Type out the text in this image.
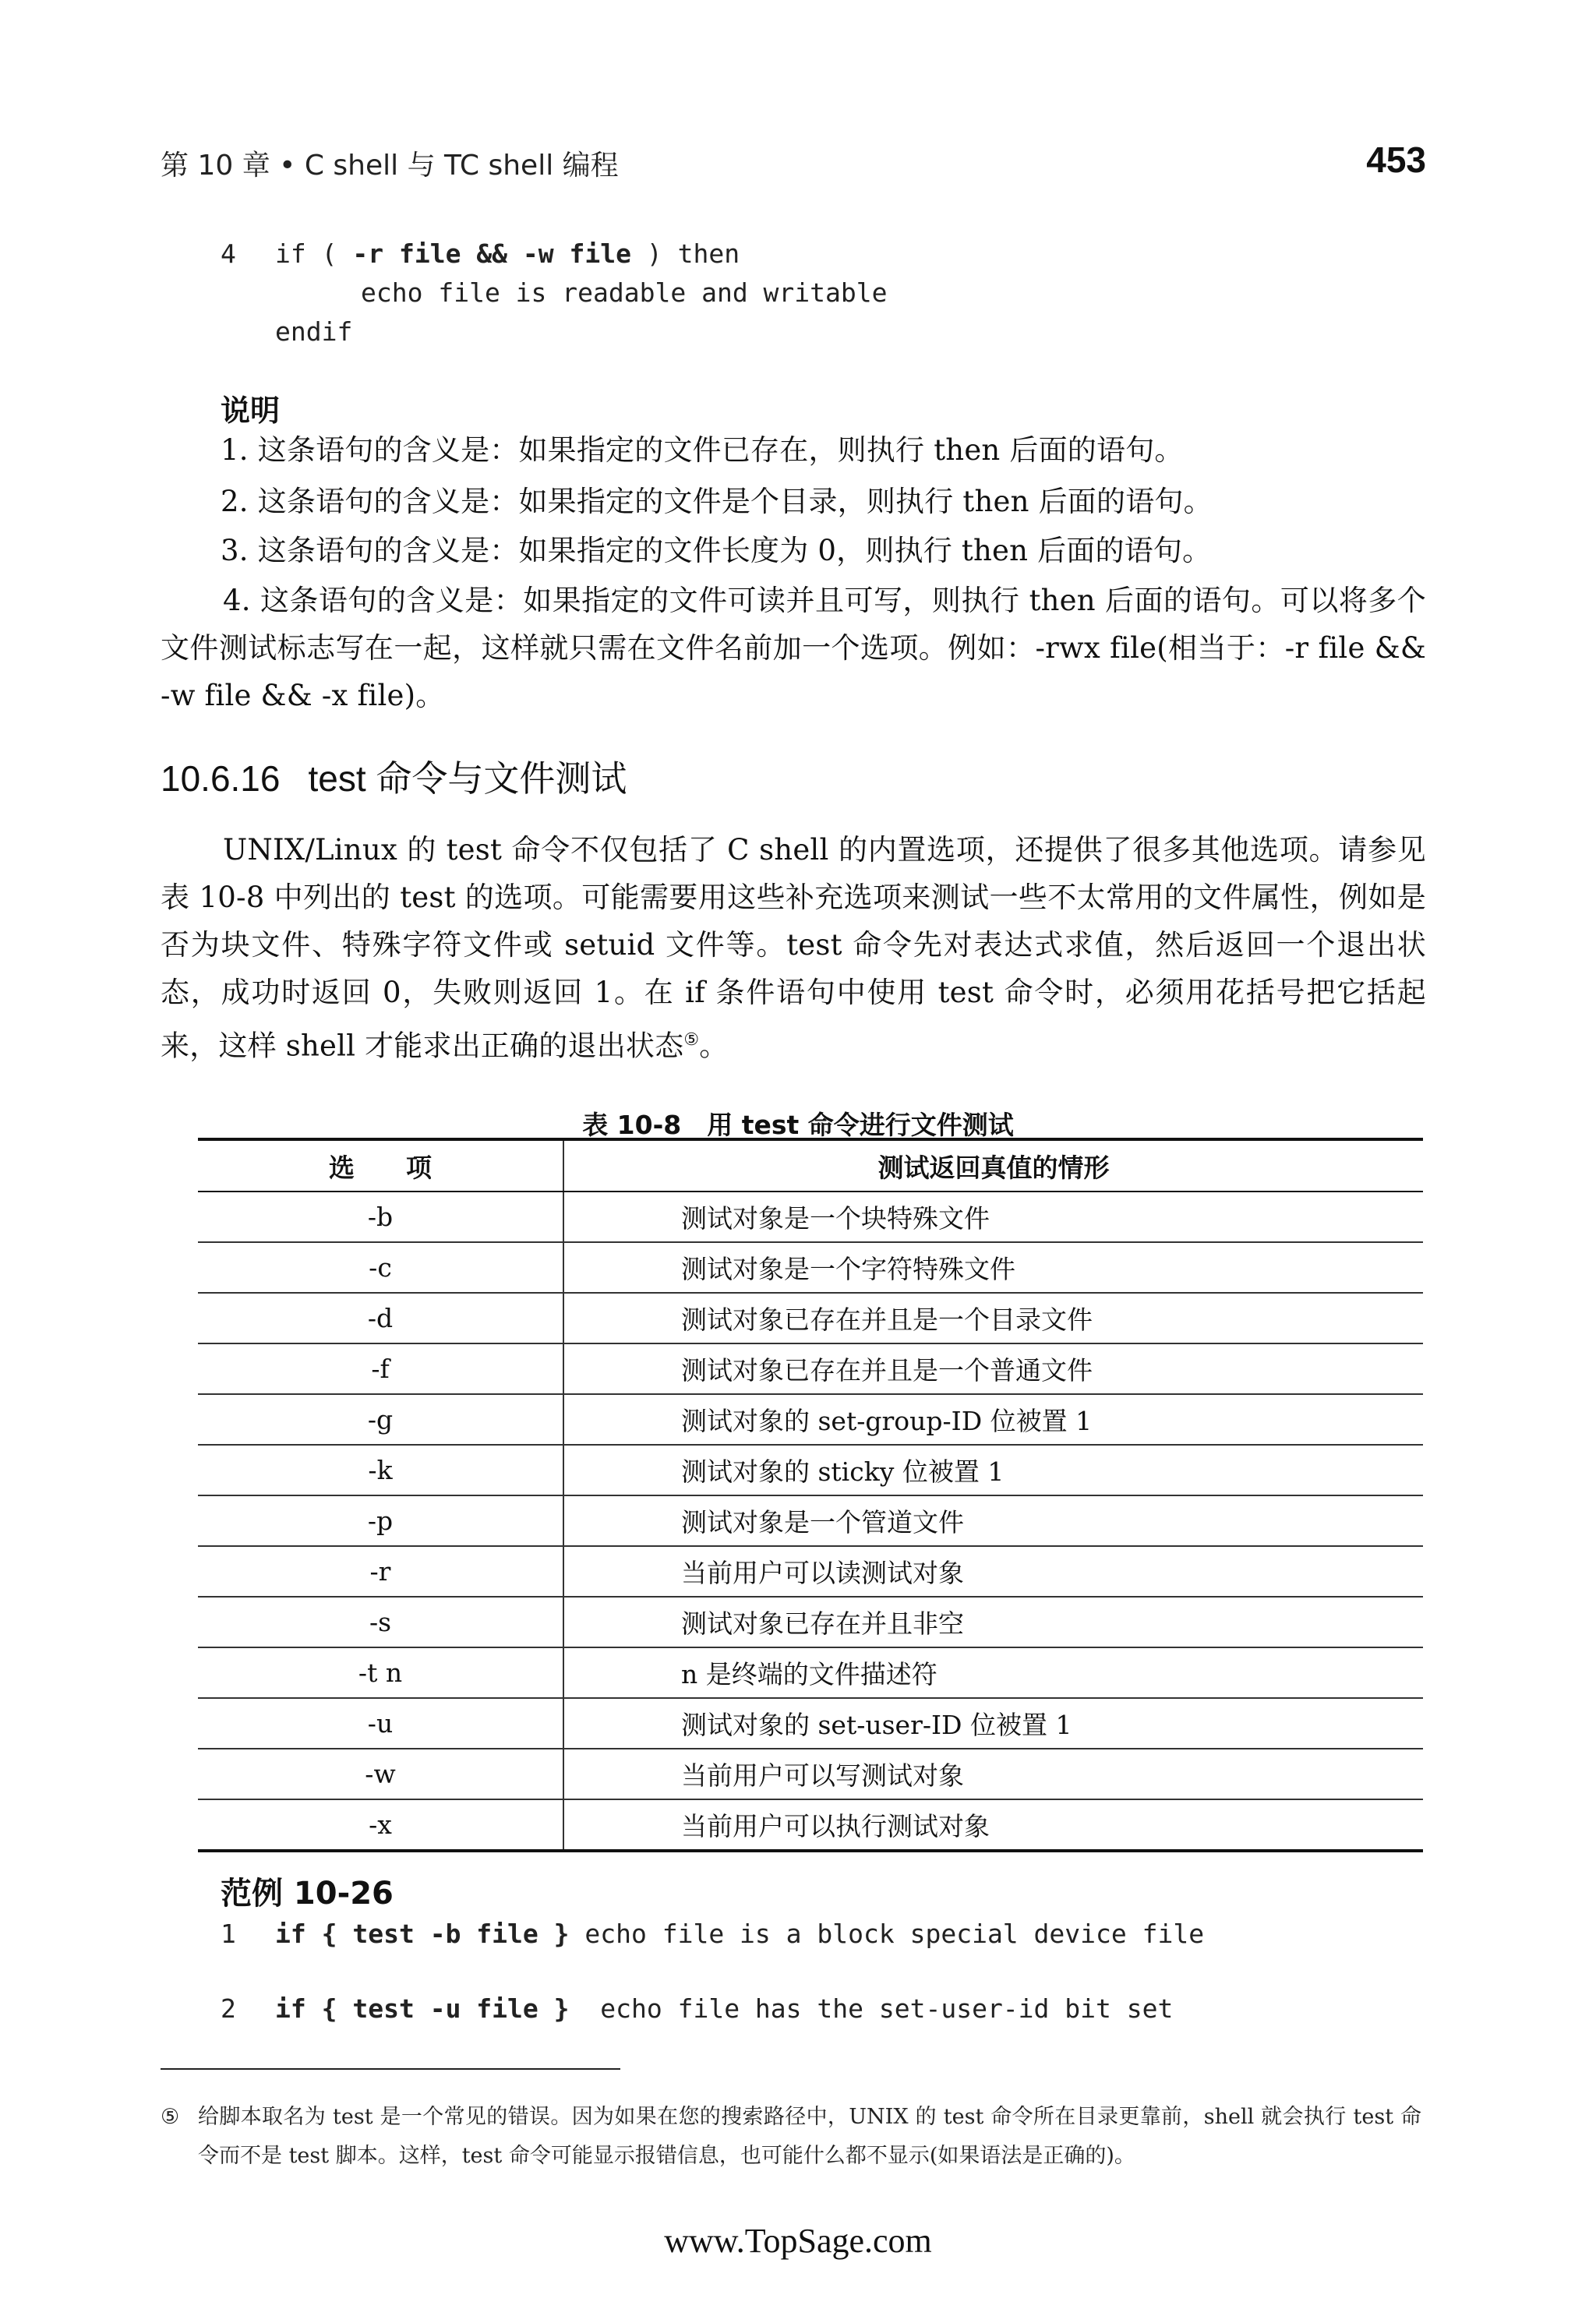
第 10 章 • C shell 与 TC shell 编程	453

4 if ( -r file && -w file ) then

echo file is readable and writable

endif

说明
1. 这条语句的含义是：如果指定的文件已存在，则执行 then 后面的语句。
2. 这条语句的含义是：如果指定的文件是个目录，则执行 then 后面的语句。
3. 这条语句的含义是：如果指定的文件长度为 0，则执行 then 后面的语句。
4. 这条语句的含义是：如果指定的文件可读并且可写，则执行 then 后面的语句。可以将多个文件测试标志写在一起，这样就只需在文件名前加一个选项。例如：-rwx file(相当于：-r file && -w file && -x file)。
10.6.16 test 命令与文件测试
UNIX/Linux 的 test 命令不仅包括了 C shell 的内置选项，还提供了很多其他选项。请参见表 10-8 中列出的 test 的选项。可能需要用这些补充选项来测试一些不太常用的文件属性，例如是否为块文件、特殊字符文件或 setuid 文件等。test 命令先对表达式求值，然后返回一个退出状态，成功时返回 0，失败则返回 1。在 if 条件语句中使用 test 命令时，必须用花括号把它括起来，这样 shell 才能求出正确的退出状态⑤。
表 10-8　用 test 命令进行文件测试
选　　项	测试返回真值的情形
-b	测试对象是一个块特殊文件
-c	测试对象是一个字符特殊文件
-d	测试对象已存在并且是一个目录文件
-f	测试对象已存在并且是一个普通文件
-g	测试对象的 set-group-ID 位被置 1
-k	测试对象的 sticky 位被置 1
-p	测试对象是一个管道文件
-r	当前用户可以读测试对象
-s	测试对象已存在并且非空
-t n	n 是终端的文件描述符
-u	测试对象的 set-user-ID 位被置 1
-w	当前用户可以写测试对象
-x	当前用户可以执行测试对象
范例 10-26

1 if { test -b file } echo file is a block special device file

2 if { test -u file }  echo file has the set-user-id bit set

⑤ 给脚本取名为 test 是一个常见的错误。因为如果在您的搜索路径中，UNIX 的 test 命令所在目录更靠前，shell 就会执行 test 命令而不是 test 脚本。这样，test 命令可能显示报错信息，也可能什么都不显示(如果语法是正确的)。
www.TopSage.com
